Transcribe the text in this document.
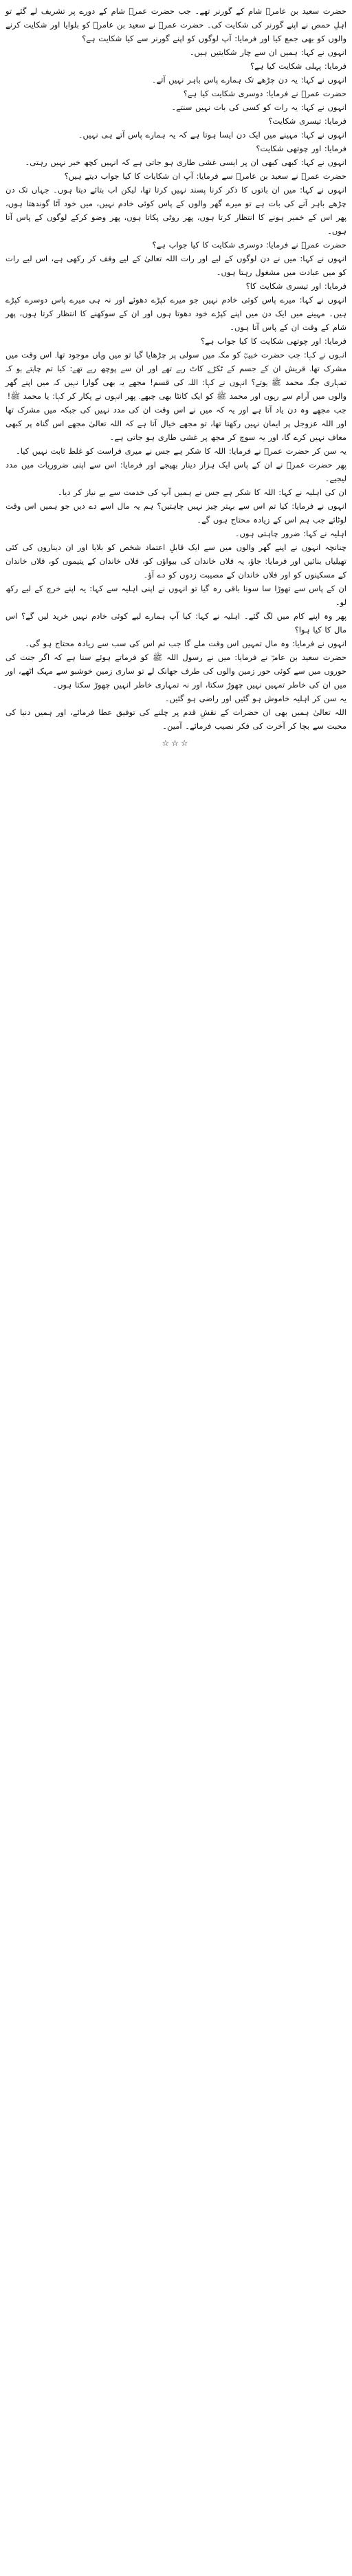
حضرت سعید بن عامرؓ شام کے گورنر تھے۔ جب حضرت عمرؓ شام کے دورے پر تشریف لے گئے تو اہلِ حمص نے اپنے گورنر کی شکایت کی۔ حضرت عمرؓ نے سعید بن عامرؓ کو بلوایا اور شکایت کرنے والوں کو بھی جمع کیا اور فرمایا: آپ لوگوں کو اپنے گورنر سے کیا شکایت ہے؟

انہوں نے کہا: ہمیں ان سے چار شکایتیں ہیں۔

فرمایا: پہلی شکایت کیا ہے؟

انہوں نے کہا: یہ دن چڑھے تک ہمارے پاس باہر نہیں آتے۔

حضرت عمرؓ نے فرمایا: دوسری شکایت کیا ہے؟

انہوں نے کہا: یہ رات کو کسی کی بات نہیں سنتے۔

فرمایا: تیسری شکایت؟

انہوں نے کہا: مہینے میں ایک دن ایسا ہوتا ہے کہ یہ ہمارے پاس آتے ہی نہیں۔

فرمایا: اور چوتھی شکایت؟

انہوں نے کہا: کبھی کبھی ان پر ایسی غشی طاری ہو جاتی ہے کہ انہیں کچھ خبر نہیں رہتی۔

حضرت عمرؓ نے سعید بن عامرؓ سے فرمایا: آپ ان شکایات کا کیا جواب دیتے ہیں؟

انہوں نے کہا: میں ان باتوں کا ذکر کرنا پسند نہیں کرتا تھا، لیکن اب بتائے دیتا ہوں۔ جہاں تک دن چڑھے باہر آنے کی بات ہے تو میرے گھر والوں کے پاس کوئی خادم نہیں، میں خود آٹا گوندھتا ہوں، پھر اس کے خمیر ہونے کا انتظار کرتا ہوں، پھر روٹی پکاتا ہوں، پھر وضو کرکے لوگوں کے پاس آتا ہوں۔

حضرت عمرؓ نے فرمایا: دوسری شکایت کا کیا جواب ہے؟

انہوں نے کہا: میں نے دن لوگوں کے لیے اور رات اللہ تعالیٰ کے لیے وقف کر رکھی ہے، اس لیے رات کو میں عبادت میں مشغول رہتا ہوں۔

فرمایا: اور تیسری شکایت کا؟

انہوں نے کہا: میرے پاس کوئی خادم نہیں جو میرے کپڑے دھوئے اور نہ ہی میرے پاس دوسرے کپڑے ہیں۔ مہینے میں ایک دن میں اپنے کپڑے خود دھوتا ہوں اور ان کے سوکھنے کا انتظار کرتا ہوں، پھر شام کے وقت ان کے پاس آتا ہوں۔

فرمایا: اور چوتھی شکایت کا کیا جواب ہے؟

انہوں نے کہا: جب حضرت خبیبؓ کو مکہ میں سولی پر چڑھایا گیا تو میں وہاں موجود تھا۔ اس وقت میں مشرک تھا۔ قریش ان کے جسم کے ٹکڑے کاٹ رہے تھے اور ان سے پوچھ رہے تھے: کیا تم چاہتے ہو کہ تمہاری جگہ محمد ﷺ ہوتے؟ انہوں نے کہا: اللہ کی قسم! مجھے یہ بھی گوارا نہیں کہ میں اپنے گھر والوں میں آرام سے رہوں اور محمد ﷺ کو ایک کانٹا بھی چبھے۔ پھر انہوں نے پکار کر کہا: یا محمد ﷺ!

جب مجھے وہ دن یاد آتا ہے اور یہ کہ میں نے اس وقت ان کی مدد نہیں کی جبکہ میں مشرک تھا اور اللہ عزوجل پر ایمان نہیں رکھتا تھا، تو مجھے خیال آتا ہے کہ اللہ تعالیٰ مجھے اس گناہ پر کبھی معاف نہیں کرے گا، اور یہ سوچ کر مجھ پر غشی طاری ہو جاتی ہے۔

یہ سن کر حضرت عمرؓ نے فرمایا: اللہ کا شکر ہے جس نے میری فراست کو غلط ثابت نہیں کیا۔

پھر حضرت عمرؓ نے ان کے پاس ایک ہزار دینار بھیجے اور فرمایا: اس سے اپنی ضروریات میں مدد لیجیے۔

ان کی اہلیہ نے کہا: اللہ کا شکر ہے جس نے ہمیں آپ کی خدمت سے بے نیاز کر دیا۔

انہوں نے فرمایا: کیا تم اس سے بہتر چیز نہیں چاہتیں؟ ہم یہ مال اسے دے دیں جو ہمیں اس وقت لوٹائے جب ہم اس کے زیادہ محتاج ہوں گے۔

اہلیہ نے کہا: ضرور چاہتی ہوں۔

چنانچہ انہوں نے اپنے گھر والوں میں سے ایک قابلِ اعتماد شخص کو بلایا اور ان دیناروں کی کئی تھیلیاں بنائیں اور فرمایا: جاؤ، یہ فلاں خاندان کی بیواؤں کو، فلاں خاندان کے یتیموں کو، فلاں خاندان کے مسکینوں کو اور فلاں خاندان کے مصیبت زدوں کو دے آؤ۔

ان کے پاس سے تھوڑا سا سونا باقی رہ گیا تو انہوں نے اپنی اہلیہ سے کہا: یہ اپنے خرچ کے لیے رکھ لو۔

پھر وہ اپنے کام میں لگ گئے۔ اہلیہ نے کہا: کیا آپ ہمارے لیے کوئی خادم نہیں خرید لیں گے؟ اس مال کا کیا ہوا؟

انہوں نے فرمایا: وہ مال تمہیں اس وقت ملے گا جب تم اس کی سب سے زیادہ محتاج ہو گی۔

حضرت سعید بن عامرؓ نے فرمایا: میں نے رسول اللہ ﷺ کو فرماتے ہوئے سنا ہے کہ اگر جنت کی حوروں میں سے کوئی حور زمین والوں کی طرف جھانک لے تو ساری زمین خوشبو سے مہک اٹھے، اور میں ان کی خاطر تمہیں نہیں چھوڑ سکتا، اور نہ تمہاری خاطر انہیں چھوڑ سکتا ہوں۔

یہ سن کر اہلیہ خاموش ہو گئیں اور راضی ہو گئیں۔

اللہ تعالیٰ ہمیں بھی ان حضرات کے نقشِ قدم پر چلنے کی توفیق عطا فرمائے، اور ہمیں دنیا کی محبت سے بچا کر آخرت کی فکر نصیب فرمائے۔ آمین۔

☆☆☆
